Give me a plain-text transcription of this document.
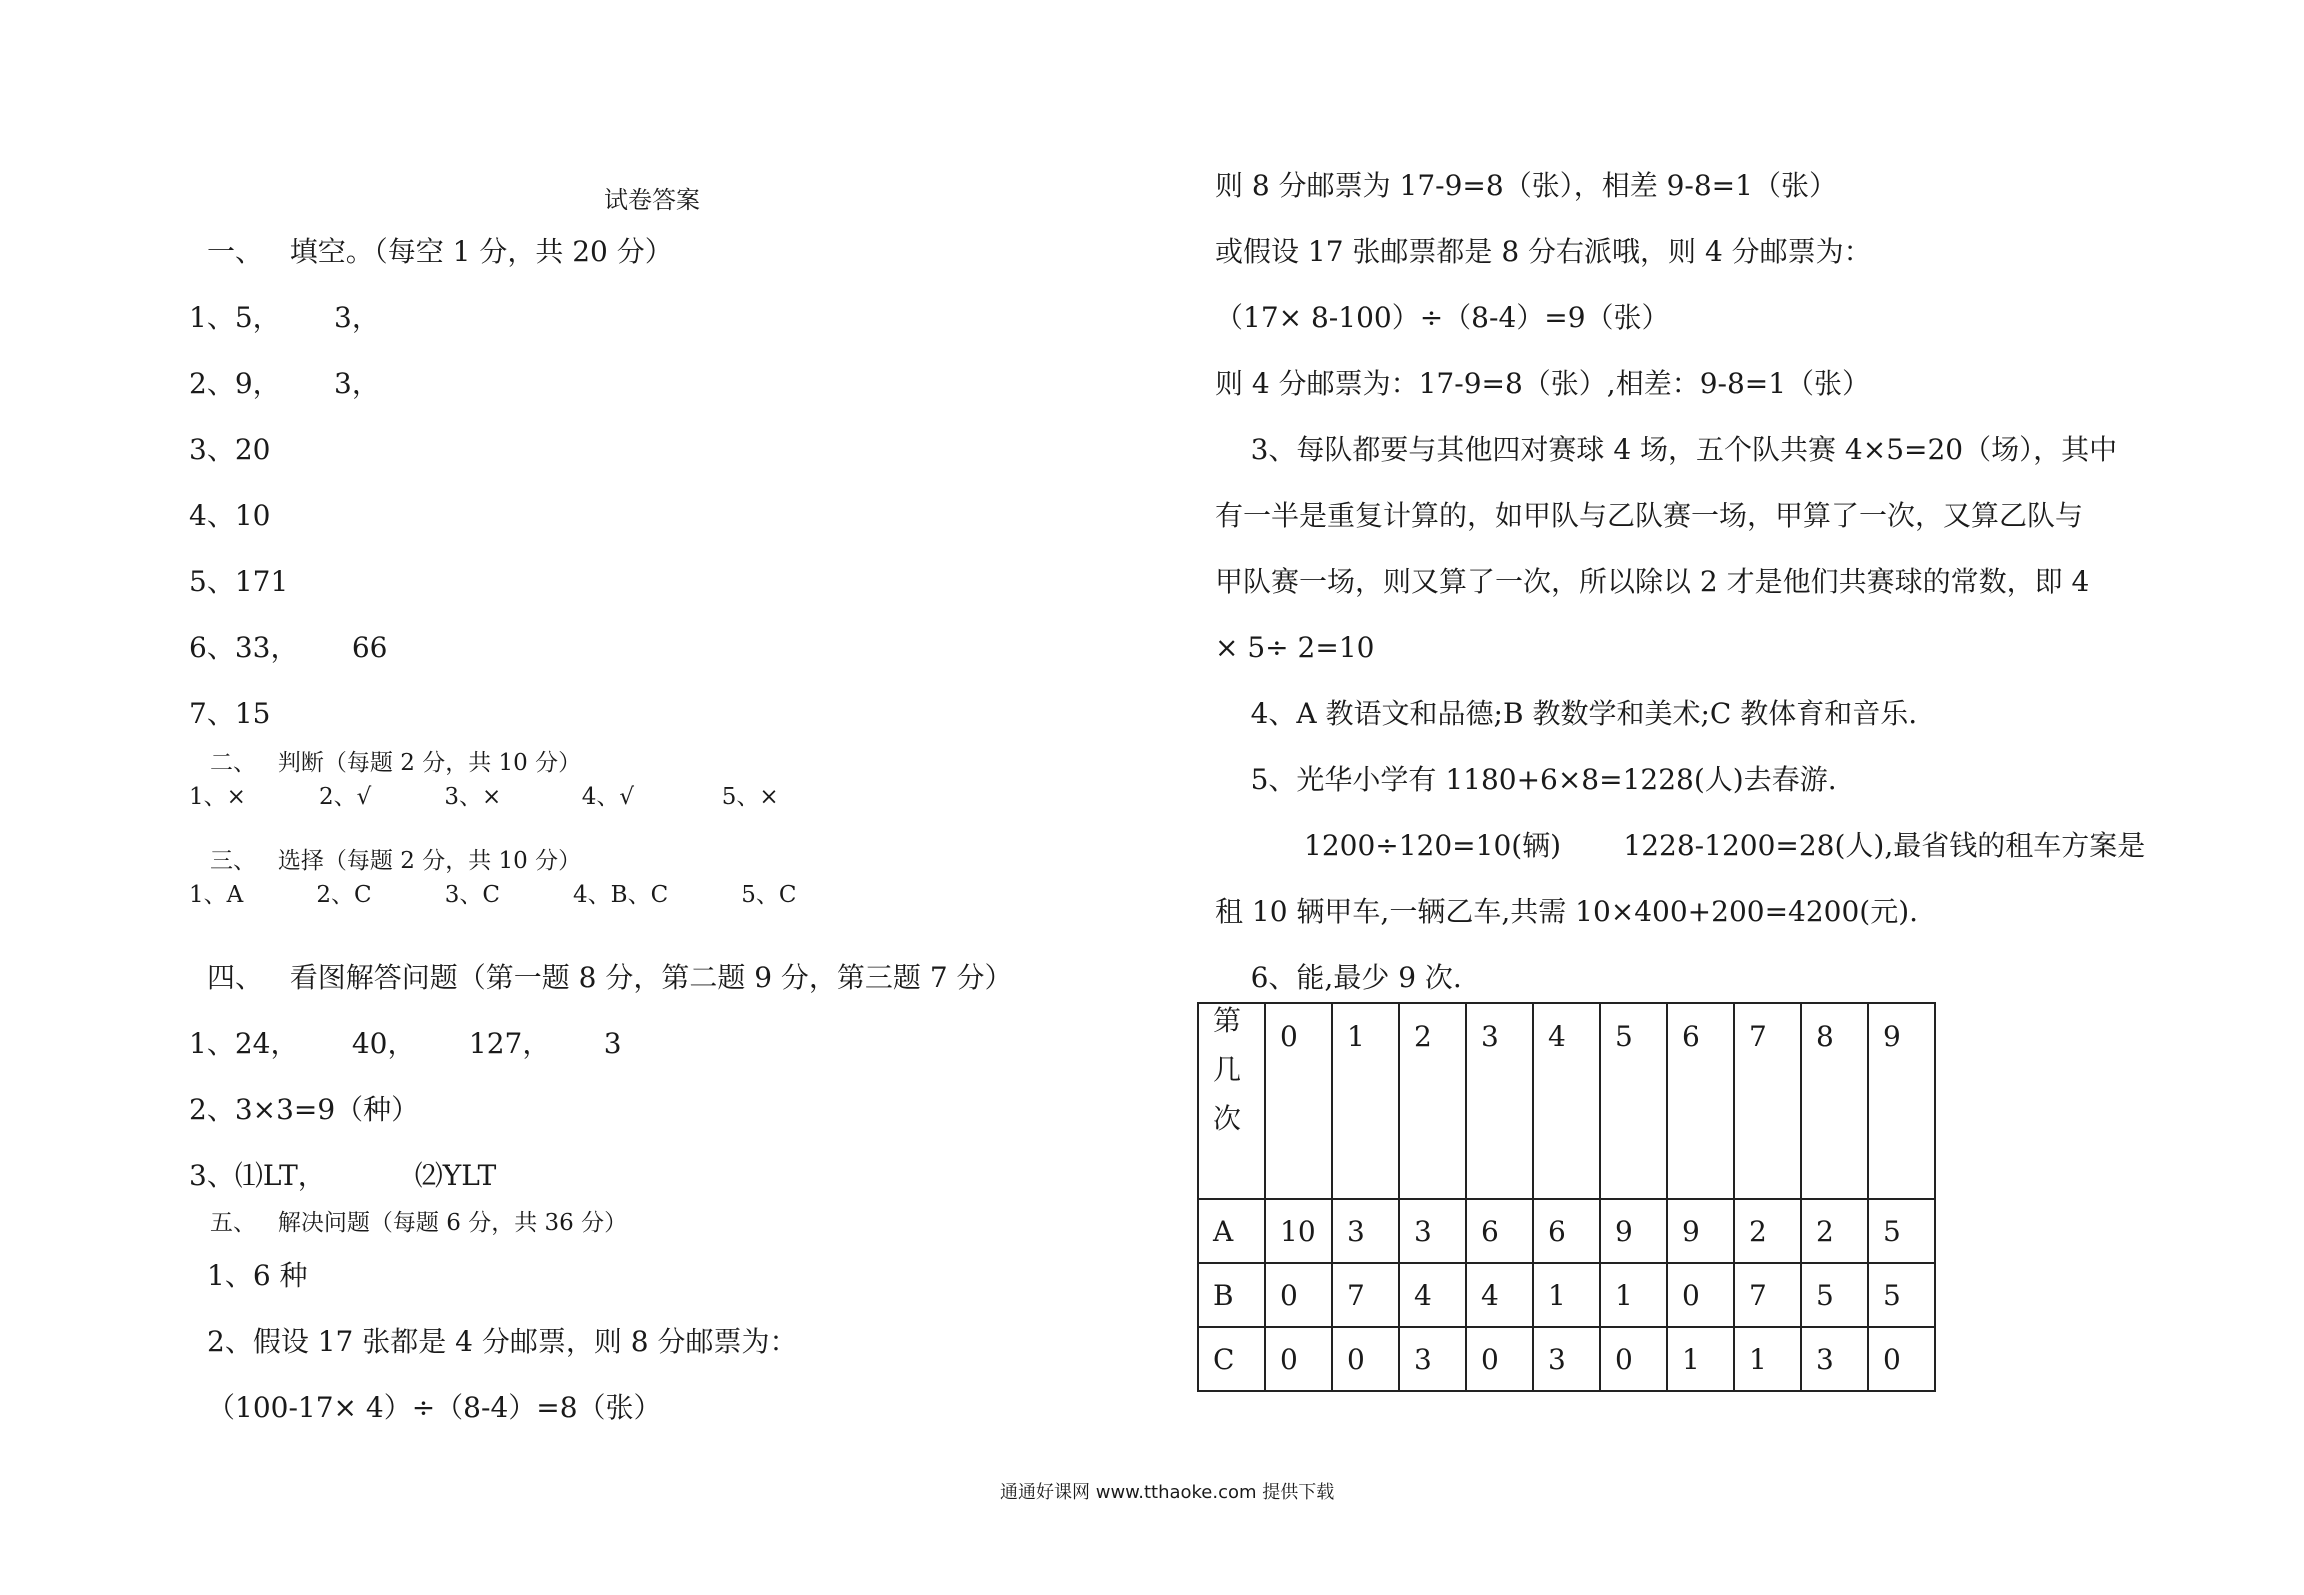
试卷答案
一、   填空。（每空 1 分，共 20 分）
1、5，      3，
2、9，      3，
3、20
4、10
5、171
6、33，      66
7、15
二、   判断（每题 2 分，共 10 分）
1、×          2、√          3、×           4、√            5、×
三、   选择（每题 2 分，共 10 分）
1、A          2、C          3、C          4、B、C          5、C
四、   看图解答问题（第一题 8 分，第二题 9 分，第三题 7 分）
1、24，      40，      127，      3
2、3×3=9（种）
3、⑴LT，          ⑵YLT
五、   解决问题（每题 6 分，共 36 分）
1、6 种
2、假设 17 张都是 4 分邮票，则 8 分邮票为：
（100-17× 4）÷（8-4）=8（张）
则 8 分邮票为 17-9=8（张），相差 9-8=1（张）
或假设 17 张邮票都是 8 分右派哦，则 4 分邮票为：
（17× 8-100）÷（8-4）=9（张）
则 4 分邮票为：17-9=8（张）,相差：9-8=1（张）
3、每队都要与其他四对赛球 4 场，五个队共赛 4×5=20（场），其中
有一半是重复计算的，如甲队与乙队赛一场，甲算了一次，又算乙队与
甲队赛一场，则又算了一次，所以除以 2 才是他们共赛球的常数，即 4
× 5÷ 2=10
4、A 教语文和品德;B 教数学和美术;C 教体育和音乐.
5、光华小学有 1180+6×8=1228(人)去春游.
1200÷120=10(辆)       1228-1200=28(人),最省钱的租车方案是
租 10 辆甲车,一辆乙车,共需 10×400+200=4200(元).
6、能,最少 9 次.
第
几
次	0	1	2	3	4	5	6	7	8	9
A	10	3	3	6	6	9	9	2	2	5
B	0	7	4	4	1	1	0	7	5	5
C	0	0	3	0	3	0	1	1	3	0
通通好课网 www.tthaoke.com 提供下载
